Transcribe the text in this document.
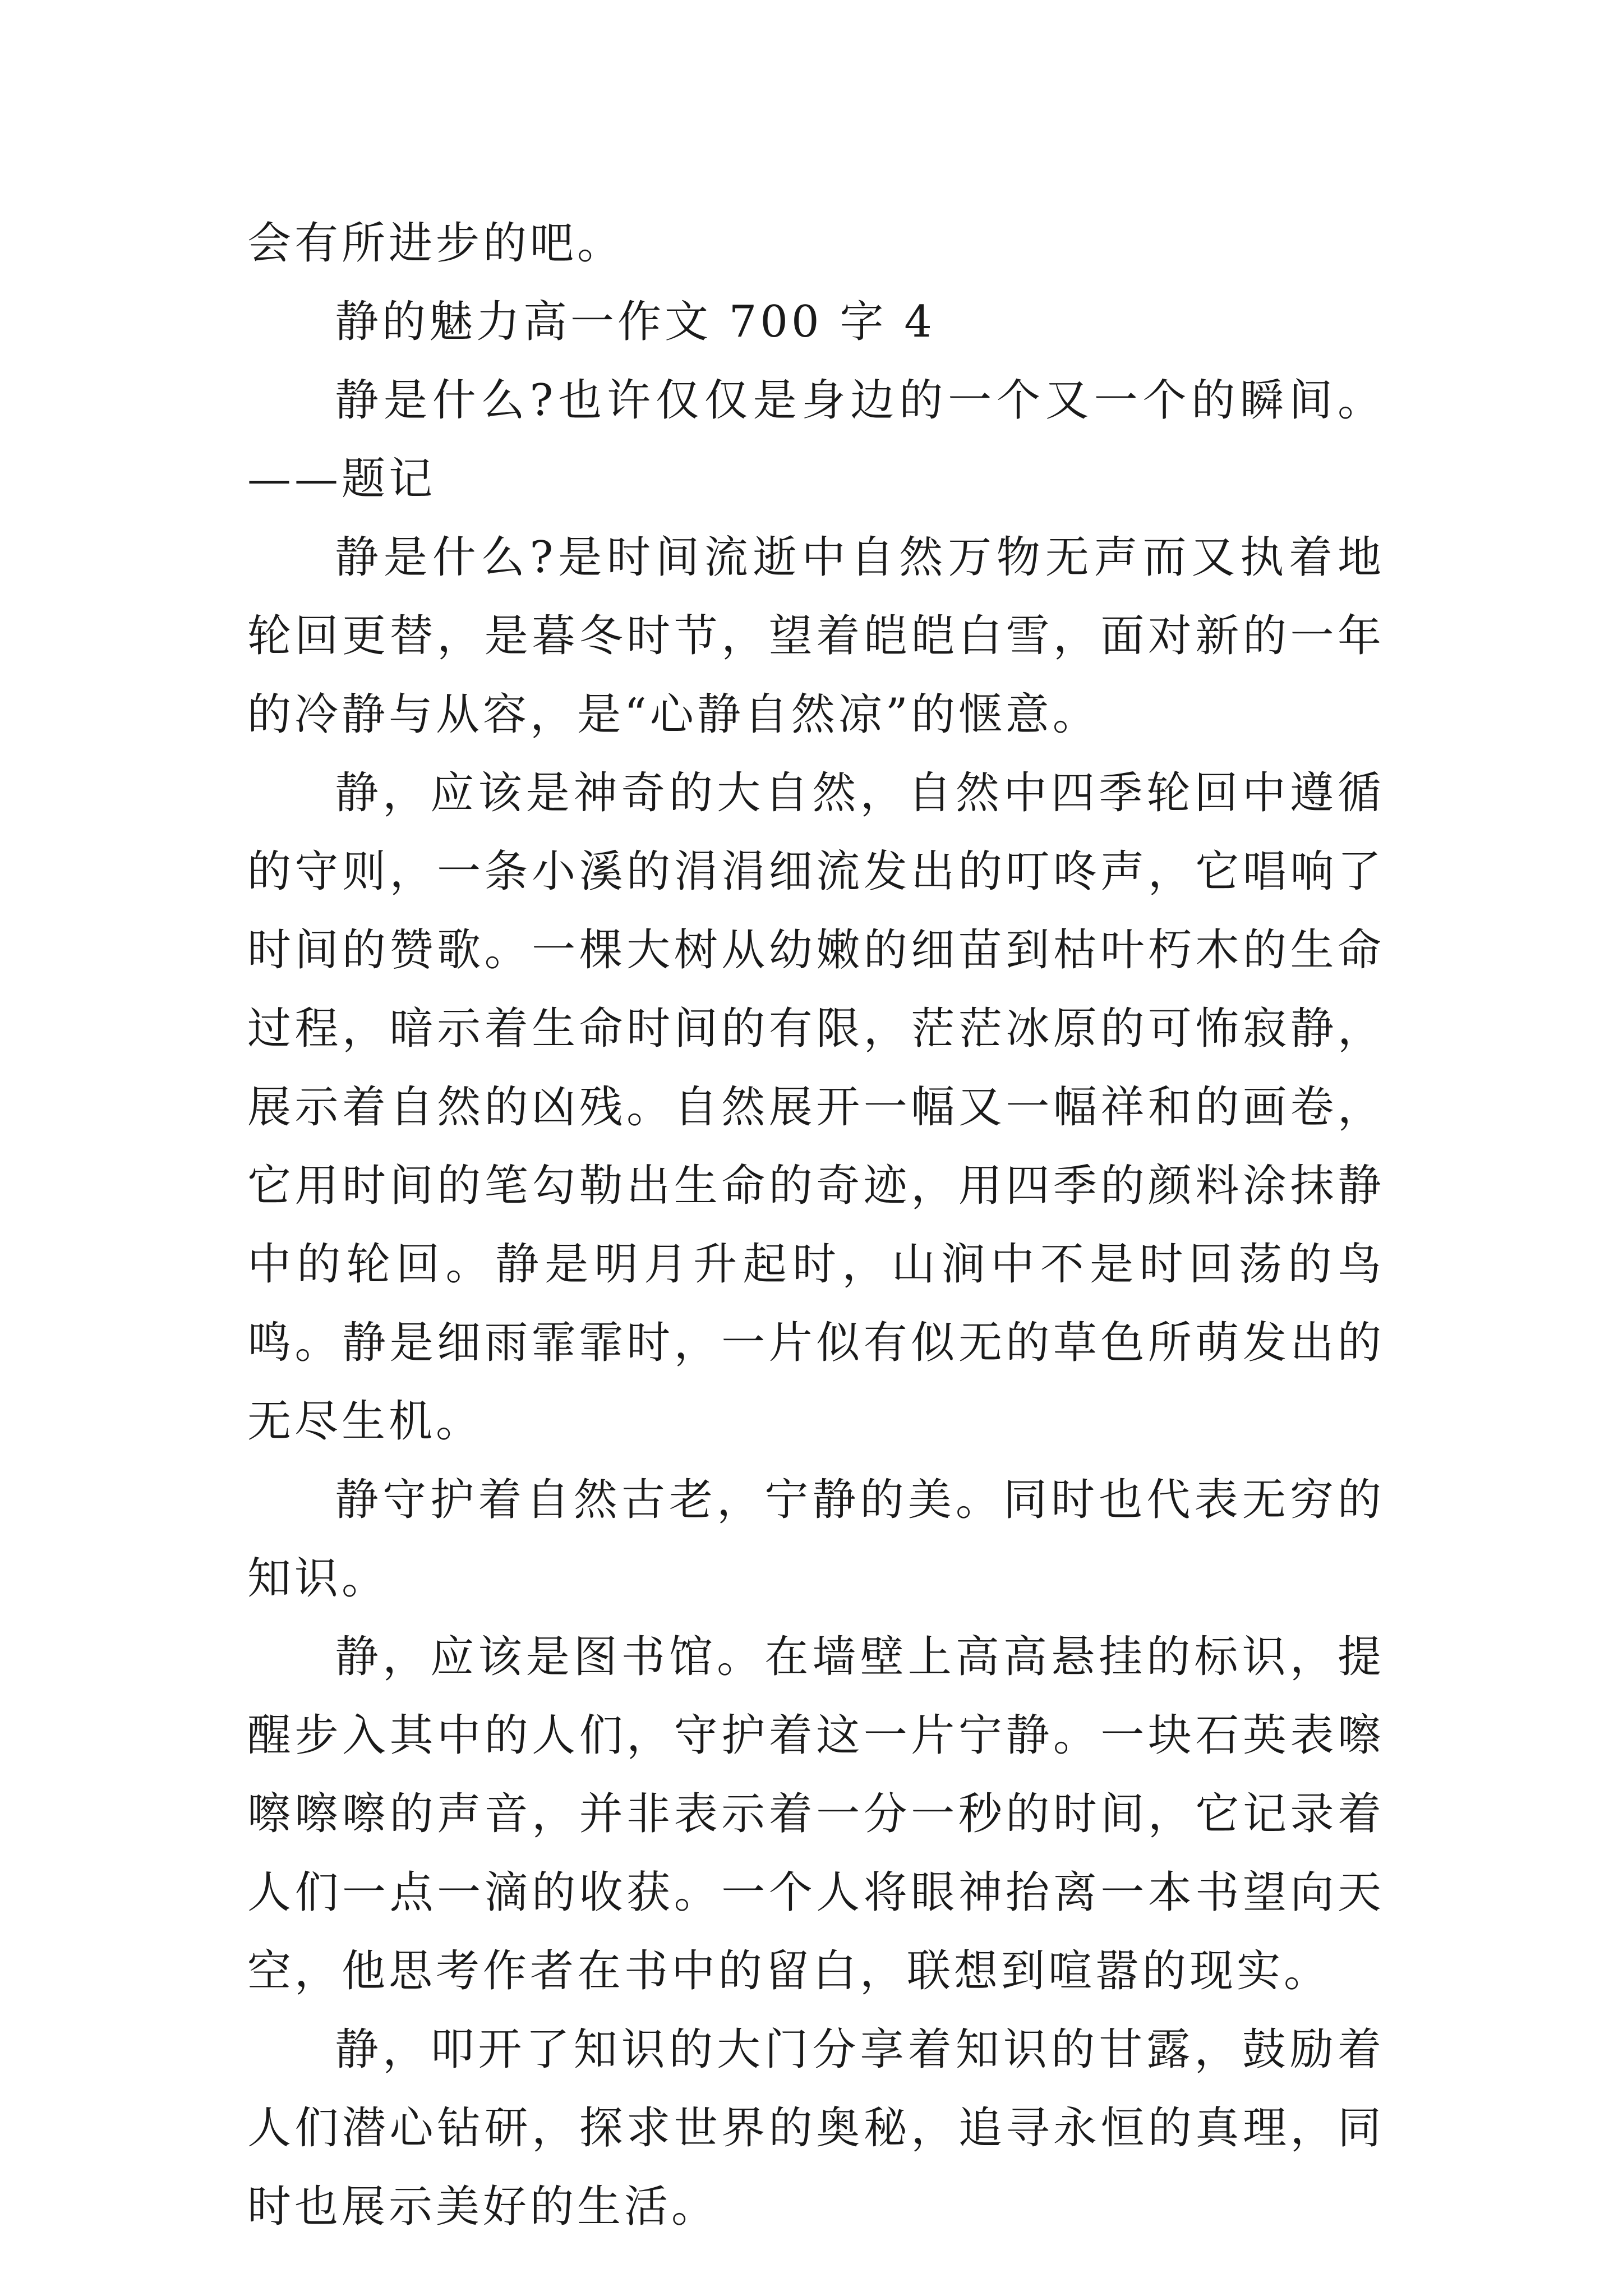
会有所进步的吧。

静的魅力高一作文 700 字 4

静是什么?也许仅仅是身边的一个又一个的瞬间。——题记

静是什么?是时间流逝中自然万物无声而又执着地轮回更替，是暮冬时节，望着皑皑白雪，面对新的一年的冷静与从容，是“心静自然凉”的惬意。

静，应该是神奇的大自然，自然中四季轮回中遵循的守则，一条小溪的涓涓细流发出的叮咚声，它唱响了时间的赞歌。一棵大树从幼嫩的细苗到枯叶朽木的生命过程，暗示着生命时间的有限，茫茫冰原的可怖寂静，展示着自然的凶残。自然展开一幅又一幅祥和的画卷，它用时间的笔勾勒出生命的奇迹，用四季的颜料涂抹静中的轮回。静是明月升起时，山涧中不是时回荡的鸟鸣。静是细雨霏霏时，一片似有似无的草色所萌发出的无尽生机。

静守护着自然古老，宁静的美。同时也代表无穷的知识。

静，应该是图书馆。在墙壁上高高悬挂的标识，提醒步入其中的人们，守护着这一片宁静。一块石英表嚓嚓嚓嚓的声音，并非表示着一分一秒的时间，它记录着人们一点一滴的收获。一个人将眼神抬离一本书望向天空，他思考作者在书中的留白，联想到喧嚣的现实。

静，叩开了知识的大门分享着知识的甘露，鼓励着人们潜心钻研，探求世界的奥秘，追寻永恒的真理，同时也展示美好的生活。
